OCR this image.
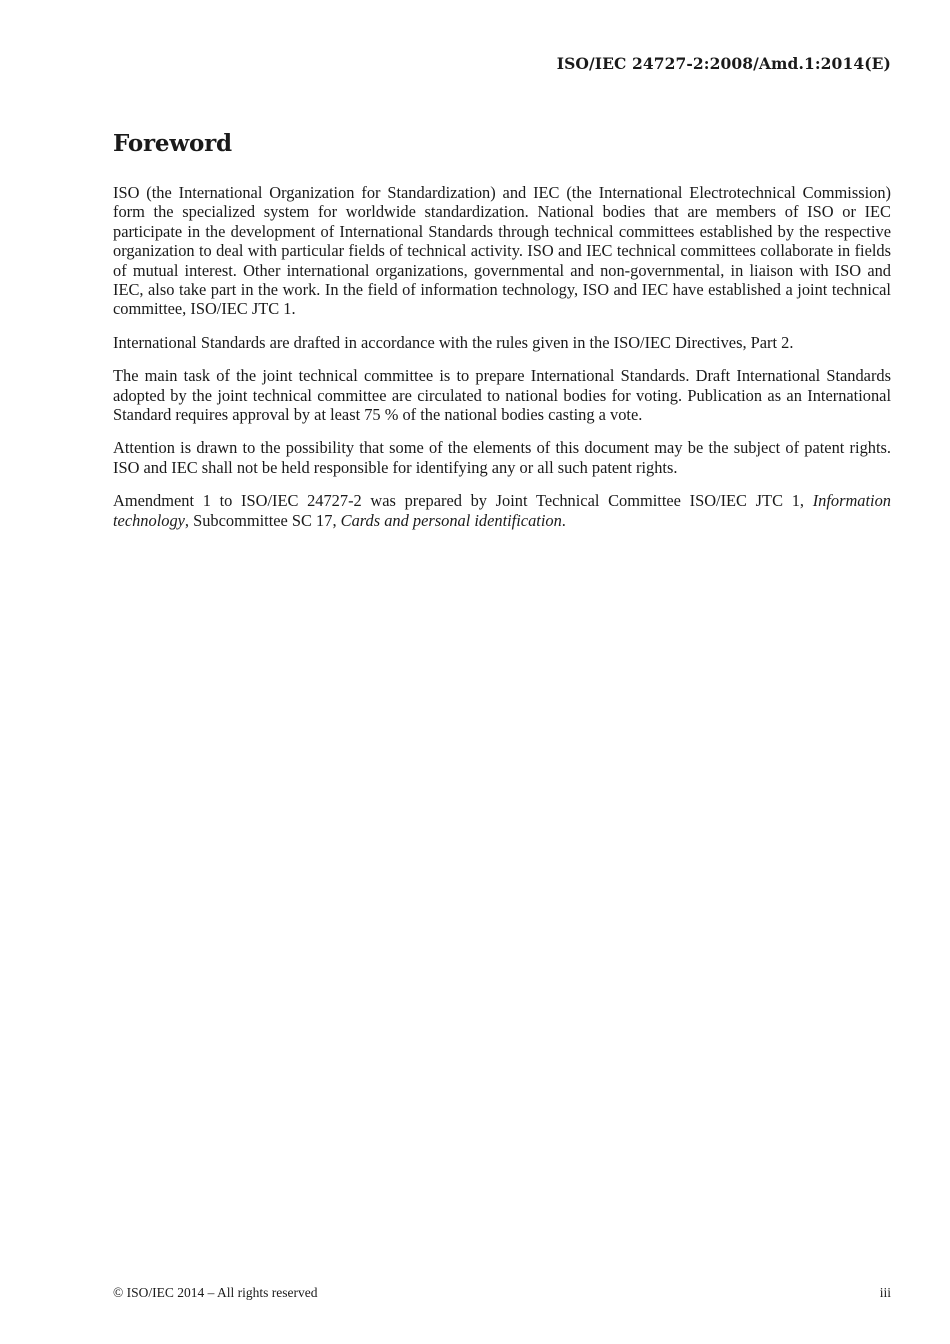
ISO/IEC 24727-2:2008/Amd.1:2014(E)
Foreword

ISO (the International Organization for Standardization) and IEC (the International Electrotechnical Commission) form the specialized system for worldwide standardization. National bodies that are members of ISO or IEC participate in the development of International Standards through technical committees established by the respective organization to deal with particular fields of technical activity. ISO and IEC technical committees collaborate in fields of mutual interest. Other international organizations, governmental and non-governmental, in liaison with ISO and IEC, also take part in the work. In the field of information technology, ISO and IEC have established a joint technical committee, ISO/IEC JTC 1.

International Standards are drafted in accordance with the rules given in the ISO/IEC Directives, Part 2.

The main task of the joint technical committee is to prepare International Standards. Draft International Standards adopted by the joint technical committee are circulated to national bodies for voting. Publication as an International Standard requires approval by at least 75 % of the national bodies casting a vote.

Attention is drawn to the possibility that some of the elements of this document may be the subject of patent rights. ISO and IEC shall not be held responsible for identifying any or all such patent rights.

Amendment 1 to ISO/IEC 24727-2 was prepared by Joint Technical Committee ISO/IEC JTC 1, Information technology, Subcommittee SC 17, Cards and personal identification.

© ISO/IEC 2014 – All rights reserved	iii
